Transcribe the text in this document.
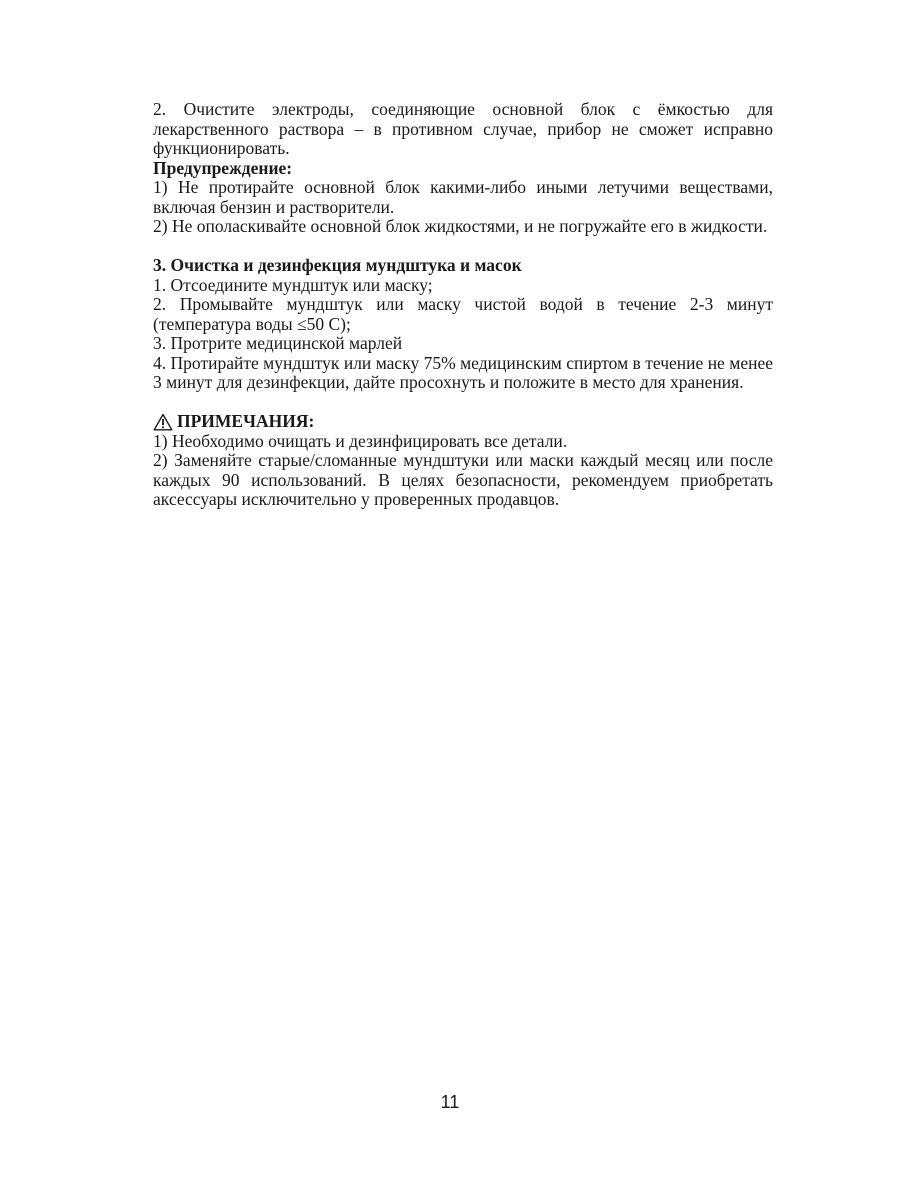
2. Очистите электроды, соединяющие основной блок с ёмкостью для лекарственного раствора – в противном случае, прибор не сможет исправно функционировать.

Предупреждение:

1) Не протирайте основной блок какими-либо иными летучими веществами, включая бензин и растворители.

2) Не ополаскивайте основной блок жидкостями, и не погружайте его в жидкости.

3. Очистка и дезинфекция мундштука и масок

1. Отсоедините мундштук или маску;

2. Промывайте мундштук или маску чистой водой в течение 2-3 минут (температура воды ≤50 С);

3. Протрите медицинской марлей

4. Протирайте мундштук или маску 75% медицинским спиртом в течение не менее 3 минут для дезинфекции, дайте просохнуть и положите в место для хранения.

ПРИМЕЧАНИЯ:

1) Необходимо очищать и дезинфицировать все детали.

2) Заменяйте старые/сломанные мундштуки или маски каждый месяц или после каждых 90 использований. В целях безопасности, рекомендуем приобретать аксессуары исключительно у проверенных продавцов.

11
